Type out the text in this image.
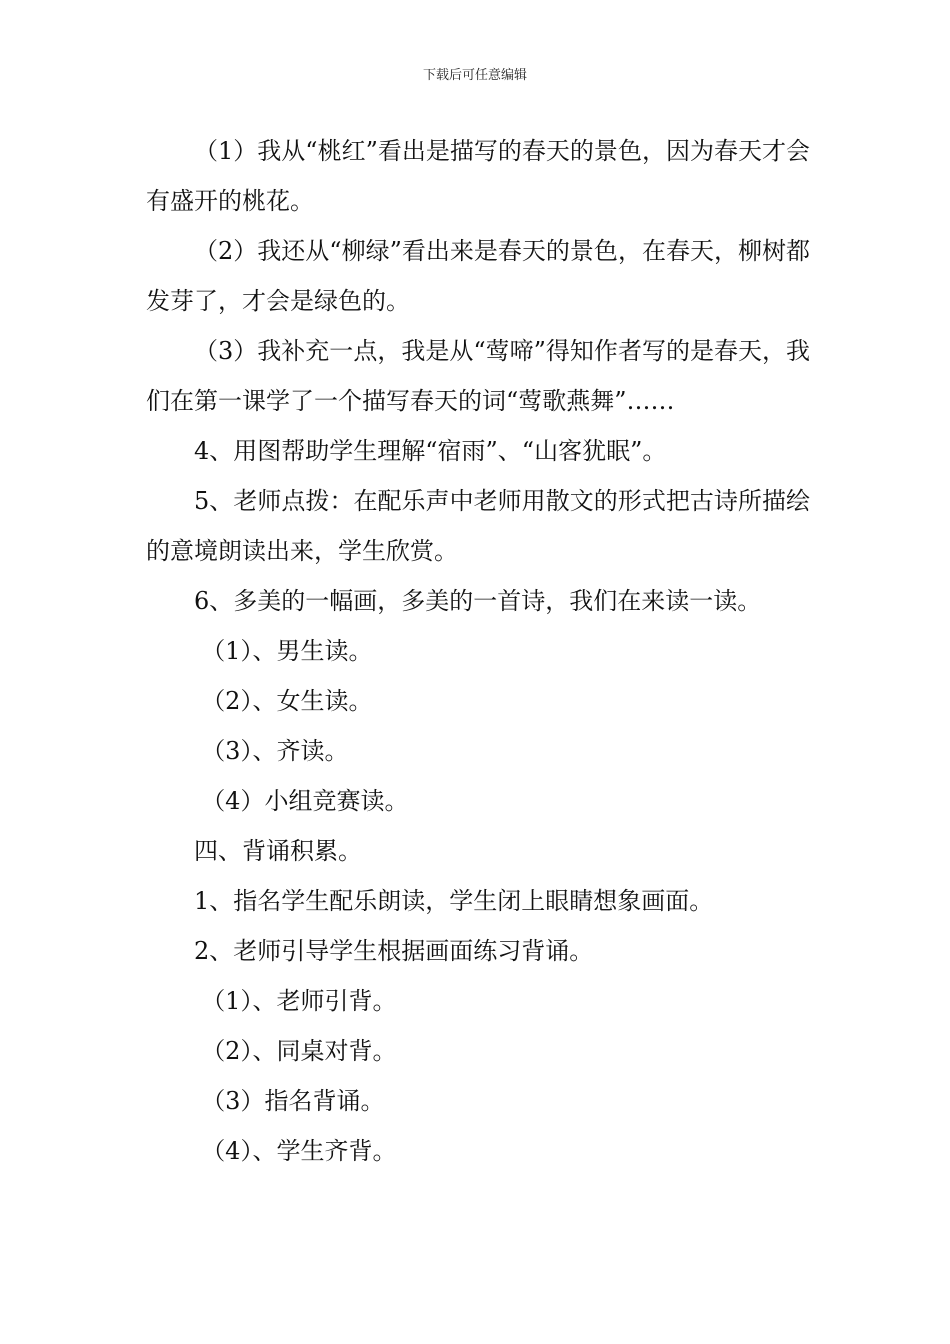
下载后可任意编辑

（1）我从“桃红”看出是描写的春天的景色，因为春天才会有盛开的桃花。

（2）我还从“柳绿”看出来是春天的景色，在春天，柳树都发芽了，才会是绿色的。

（3）我补充一点，我是从“莺啼”得知作者写的是春天，我们在第一课学了一个描写春天的词“莺歌燕舞”……

4、用图帮助学生理解“宿雨”、“山客犹眠”。

5、老师点拨：在配乐声中老师用散文的形式把古诗所描绘的意境朗读出来，学生欣赏。

6、多美的一幅画，多美的一首诗，我们在来读一读。

（1）、男生读。

（2）、女生读。

（3）、齐读。

（4）小组竞赛读。

四、背诵积累。

1、指名学生配乐朗读，学生闭上眼睛想象画面。

2、老师引导学生根据画面练习背诵。

（1）、老师引背。

（2）、同桌对背。

（3）指名背诵。

（4）、学生齐背。
